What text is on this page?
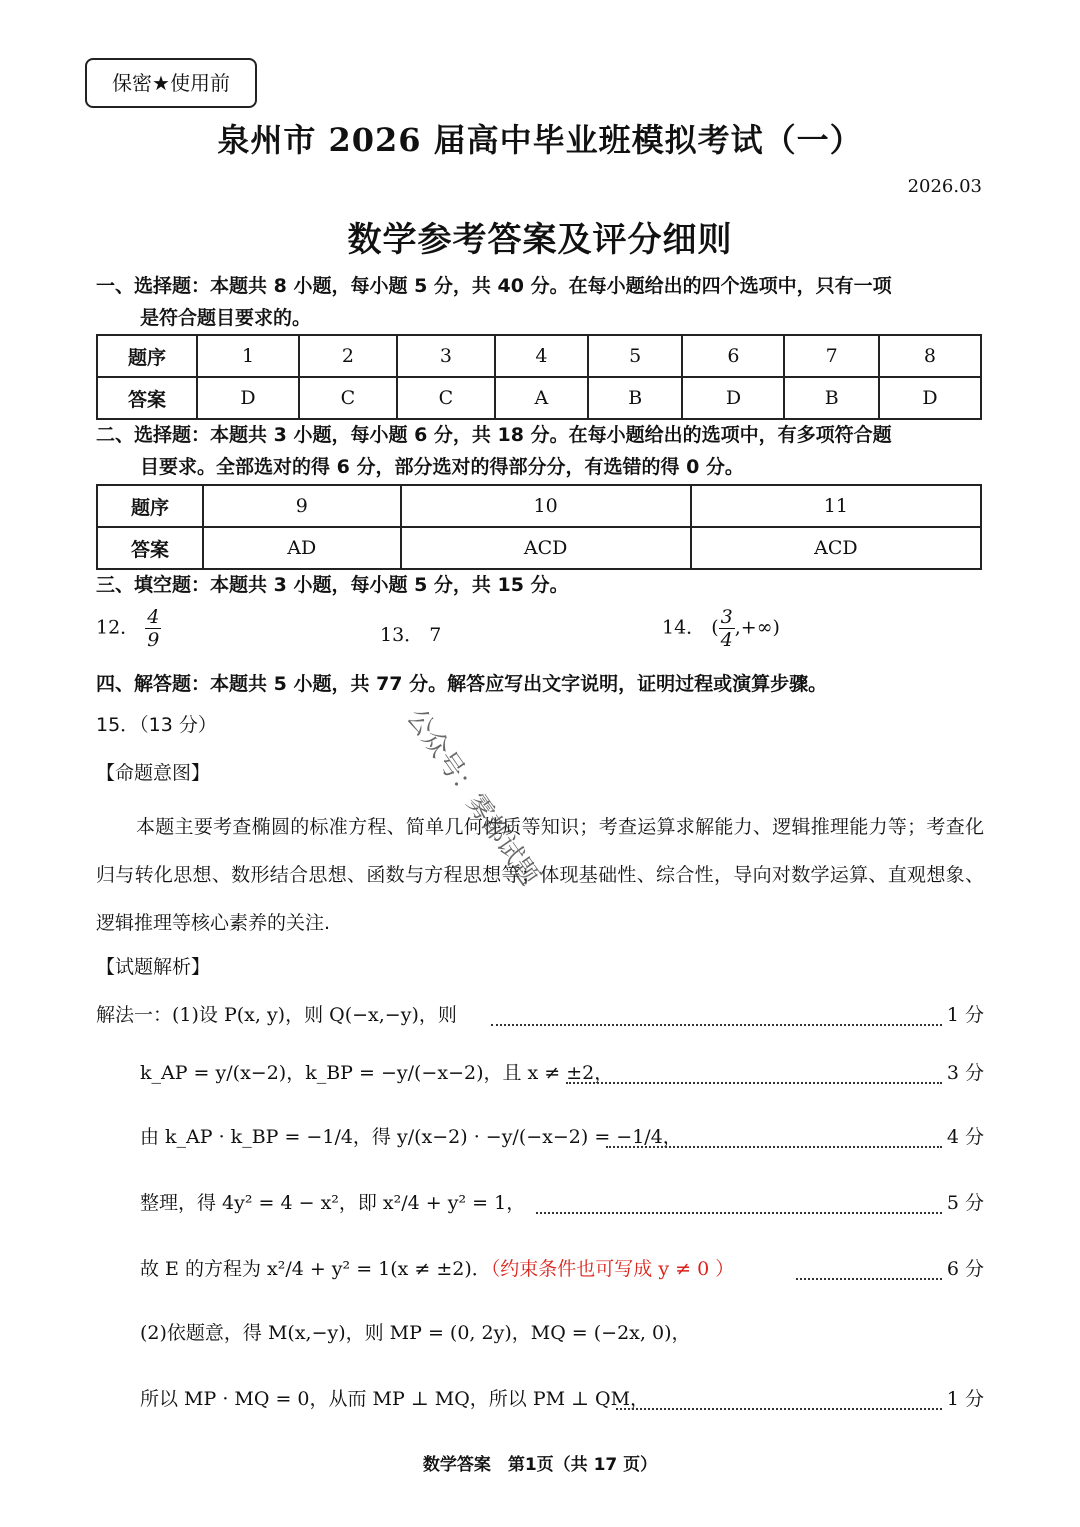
保密★使用前
泉州市 2026 届高中毕业班模拟考试（一）
2026.03
数学参考答案及评分细则
一、选择题：本题共 8 小题，每小题 5 分，共 40 分。在每小题给出的四个选项中，只有一项
是符合题目要求的。
题序	1	2	3	4	5	6	7	8
答案	D	C	C	A	B	D	B	D
二、选择题：本题共 3 小题，每小题 6 分，共 18 分。在每小题给出的选项中，有多项符合题
目要求。全部选对的得 6 分，部分选对的得部分分，有选错的得 0 分。
题序	9	10	11
答案	AD	ACD	ACD
三、填空题：本题共 3 小题，每小题 5 分，共 15 分。
12． $\frac{4}{9}$	13． 7	14． ( $\frac{3}{4}$ ,+∞)
四、解答题：本题共 5 小题，共 77 分。解答应写出文字说明，证明过程或演算步骤。
15．（13 分）
【命题意图】
本题主要考查椭圆的标准方程、简单几何性质等知识；考查运算求解能力、逻辑推理能力等；考查化归与转化思想、数形结合思想、函数与方程思想等；体现基础性、综合性，导向对数学运算、直观想象、逻辑推理等核心素养的关注.
【试题解析】
解法一：(1)设 P(x, y)，则 Q(−x,−y)，则	1 分
k_AP = y/(x−2)，k_BP = −y/(−x−2)，且 x ≠ ±2，	3 分
由 k_AP · k_BP = −1/4，得 y/(x−2) · −y/(−x−2) = −1/4，	4 分
整理，得 4y² = 4 − x²，即 x²/4 + y² = 1，	5 分
故 E 的方程为 x²/4 + y² = 1(x ≠ ±2)．（约束条件也可写成 y ≠ 0 ）	6 分
(2)依题意，得 M(x,−y)，则 MP = (0, 2y)，MQ = (−2x, 0)，
所以 MP · MQ = 0，从而 MP ⊥ MQ，所以 PM ⊥ QM，	1 分
公众号：雾都试题
数学答案　第1页（共 17 页）
